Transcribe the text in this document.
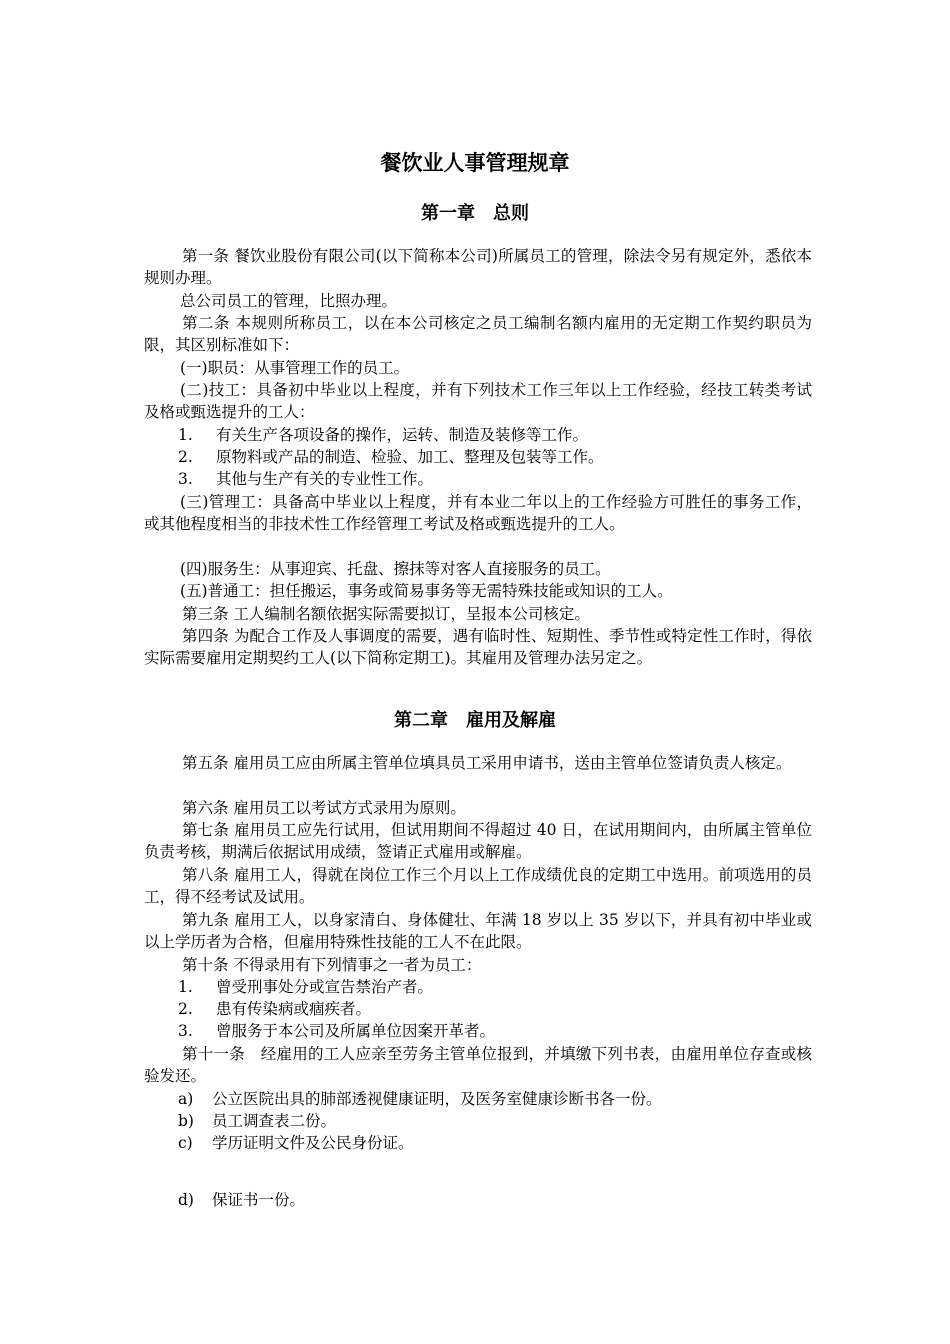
餐饮业人事管理规章
第一章　总则

第一条 餐饮业股份有限公司(以下简称本公司)所属员工的管理，除法令另有规定外，悉依本规则办理。

总公司员工的管理，比照办理。

第二条 本规则所称员工，以在本公司核定之员工编制名额内雇用的无定期工作契约职员为限，其区别标准如下：

(一)职员：从事管理工作的员工。

(二)技工：具备初中毕业以上程度，并有下列技术工作三年以上工作经验，经技工转类考试及格或甄选提升的工人：

1. 有关生产各项设备的操作，运转、制造及装修等工作。

2. 原物料或产品的制造、检验、加工、整理及包装等工作。

3. 其他与生产有关的专业性工作。

(三)管理工：具备高中毕业以上程度，并有本业二年以上的工作经验方可胜任的事务工作，或其他程度相当的非技术性工作经管理工考试及格或甄选提升的工人。

(四)服务生：从事迎宾、托盘、擦抹等对客人直接服务的员工。

(五)普通工：担任搬运，事务或简易事务等无需特殊技能或知识的工人。

第三条 工人编制名额依据实际需要拟订，呈报本公司核定。

第四条 为配合工作及人事调度的需要，遇有临时性、短期性、季节性或特定性工作时，得依实际需要雇用定期契约工人(以下简称定期工)。其雇用及管理办法另定之。

第二章　雇用及解雇

第五条 雇用员工应由所属主管单位填具员工采用申请书，送由主管单位签请负责人核定。

第六条 雇用员工以考试方式录用为原则。

第七条 雇用员工应先行试用，但试用期间不得超过 40 日，在试用期间内，由所属主管单位负责考核，期满后依据试用成绩，签请正式雇用或解雇。

第八条 雇用工人，得就在岗位工作三个月以上工作成绩优良的定期工中选用。前项选用的员工，得不经考试及试用。

第九条 雇用工人，以身家清白、身体健壮、年满 18 岁以上 35 岁以下，并具有初中毕业或以上学历者为合格，但雇用特殊性技能的工人不在此限。

第十条 不得录用有下列情事之一者为员工：

1. 曾受刑事处分或宣告禁治产者。

2. 患有传染病或痼疾者。

3. 曾服务于本公司及所属单位因案开革者。

第十一条　经雇用的工人应亲至劳务主管单位报到，并填缴下列书表，由雇用单位存查或核验发还。

a) 公立医院出具的肺部透视健康证明，及医务室健康诊断书各一份。

b) 员工调查表二份。

c) 学历证明文件及公民身份证。

d) 保证书一份。
